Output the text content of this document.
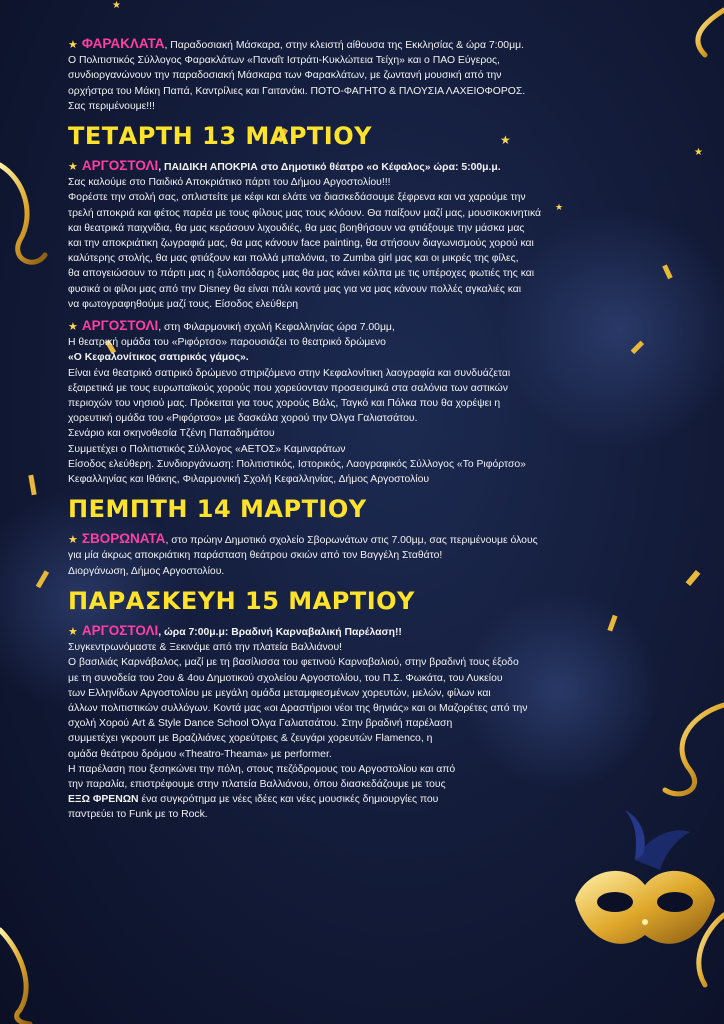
★
★
★
★
★ ΦΑΡΑΚΛΑΤΑ, Παραδοσιακή Μάσκαρα, στην κλειστή αίθουσα της Εκκλησίας & ώρα 7:00μμ.
Ο Πολιτιστικός Σύλλογος Φαρακλάτων «Παναΐτ Ιστράτι-Κυκλώπεια Τείχη» και ο ΠΑΟ Εύγερος,
συνδιοργανώνουν την παραδοσιακή Μάσκαρα των Φαρακλάτων, με ζωντανή μουσική από την
ορχήστρα του Μάκη Παπά, Καντρίλιες και Γαιτανάκι. ΠΟΤΟ-ΦΑΓΗΤΟ & ΠΛΟΥΣΙΑ ΛΑΧΕΙΟΦΟΡΟΣ.
Σας περιμένουμε!!!
ΤΕΤΑΡΤΗ 13 ΜΑΡΤΙΟΥ
★ ΑΡΓΟΣΤΟΛΙ, ΠΑΙΔΙΚΗ ΑΠΟΚΡΙΑ στο Δημοτικό θέατρο «ο Κέφαλος» ώρα: 5:00μ.μ.
Σας καλούμε στο Παιδικό Αποκριάτικο πάρτι του Δήμου Αργοστολίου!!!
Φορέστε την στολή σας, οπλιστείτε με κέφι και ελάτε να διασκεδάσουμε ξέφρενα και να χαρούμε την
τρελή αποκριά και φέτος παρέα με τους φίλους μας τους κλόουν. Θα παίξουν μαζί μας, μουσικοκινητικά
και θεατρικά παιχνίδια, θα μας κεράσουν λιχουδιές, θα μας βοηθήσουν να φτιάξουμε την μάσκα μας
και την αποκριάτικη ζωγραφιά μας, θα μας κάνουν face painting, θα στήσουν διαγωνισμούς χορού και
καλύτερης στολής, θα μας φτιάξουν και πολλά μπαλόνια, το Zumba girl μας και οι μικρές της φίλες,
θα απογειώσουν το πάρτι μας η ξυλοπόδαρος μας θα μας κάνει κόλπα με τις υπέροχες φωτιές της και
φυσικά οι φίλοι μας από την Disney θα είναι πάλι κοντά μας για να μας κάνουν πολλές αγκαλιές και
να φωτογραφηθούμε μαζί τους. Είσοδος ελεύθερη
★ ΑΡΓΟΣΤΟΛΙ, στη Φιλαρμονική σχολή Κεφαλληνίας ώρα 7.00μμ,
Η θεατρική ομάδα του «Ριφόρτσο» παρουσιάζει το θεατρικό δρώμενο
«Ο Κεφαλονίτικος σατιρικός γάμος».
Είναι ένα θεατρικό σατιρικό δρώμενο στηριζόμενο στην Κεφαλονίτικη λαογραφία και συνδυάζεται
εξαιρετικά με τους ευρωπαϊκούς χορούς που χορεύονταν προσεισμικά στα σαλόνια των αστικών
περιοχών του νησιού μας. Πρόκειται για τους χορούς Βάλς, Ταγκό και Πόλκα που θα χορέψει η
χορευτική ομάδα του «Ριφόρτσο» με δασκάλα χορού την Όλγα Γαλιατσάτου.
Σενάριο και σκηνοθεσία Τζένη Παπαδημάτου
Συμμετέχει ο Πολιτιστικός Σύλλογος «ΑΕΤΟΣ» Καμιναράτων
Είσοδος ελεύθερη. Συνδιοργάνωση: Πολιτιστικός, Ιστορικός, Λαογραφικός Σύλλογος «Το Ριφόρτσο»
Κεφαλληνίας και Ιθάκης, Φιλαρμονική Σχολή Κεφαλληνίας, Δήμος Αργοστολίου
ΠΕΜΠΤΗ 14 ΜΑΡΤΙΟΥ
★ ΣΒΟΡΩΝΑΤΑ, στο πρώην Δημοτικό σχολείο Σβορωνάτων στις 7.00μμ, σας περιμένουμε όλους
για μία άκρως αποκριάτικη παράσταση θεάτρου σκιών από τον Βαγγέλη Σταθάτο!
Διοργάνωση, Δήμος Αργοστολίου.
ΠΑΡΑΣΚΕΥΗ 15 ΜΑΡΤΙΟΥ
★ ΑΡΓΟΣΤΟΛΙ, ώρα 7:00μ.μ: Βραδινή Καρναβαλική Παρέλαση!!
Συγκεντρωνόμαστε & Ξεκινάμε από την πλατεία Βαλλιάνου!
Ο βασιλιάς Καρνάβαλος, μαζί με τη βασίλισσα του φετινού Καρναβαλιού, στην βραδινή τους έξοδο
με τη συνοδεία του 2ου & 4ου Δημοτικού σχολείου Αργοστολίου, του Π.Σ. Φωκάτα, του Λυκείου
των Ελληνίδων Αργοστολίου με μεγάλη ομάδα μεταμφιεσμένων χορευτών, μελών, φίλων και
άλλων πολιτιστικών συλλόγων. Κοντά μας «οι Δραστήριοι νέοι της θηνιάς» και οι Μαζορέτες από την
σχολή Χορού Art & Style Dance School Όλγα Γαλιατσάτου. Στην βραδινή παρέλαση
συμμετέχει γκρουπ με Βραζιλιάνες χορεύτριες & ζευγάρι χορευτών Flamenco, η
ομάδα θεάτρου δρόμου «Theatro-Theama» με performer.
Η παρέλαση που ξεσηκώνει την πόλη, στους πεζόδρομους του Αργοστολίου και από
την παραλία, επιστρέφουμε στην πλατεία Βαλλιάνου, όπου διασκεδάζουμε με τους
ΕΞΩ ΦΡΕΝΩΝ ένα συγκρότημα με νέες ιδέες και νέες μουσικές δημιουργίες που
παντρεύει το Funk με το Rock.
